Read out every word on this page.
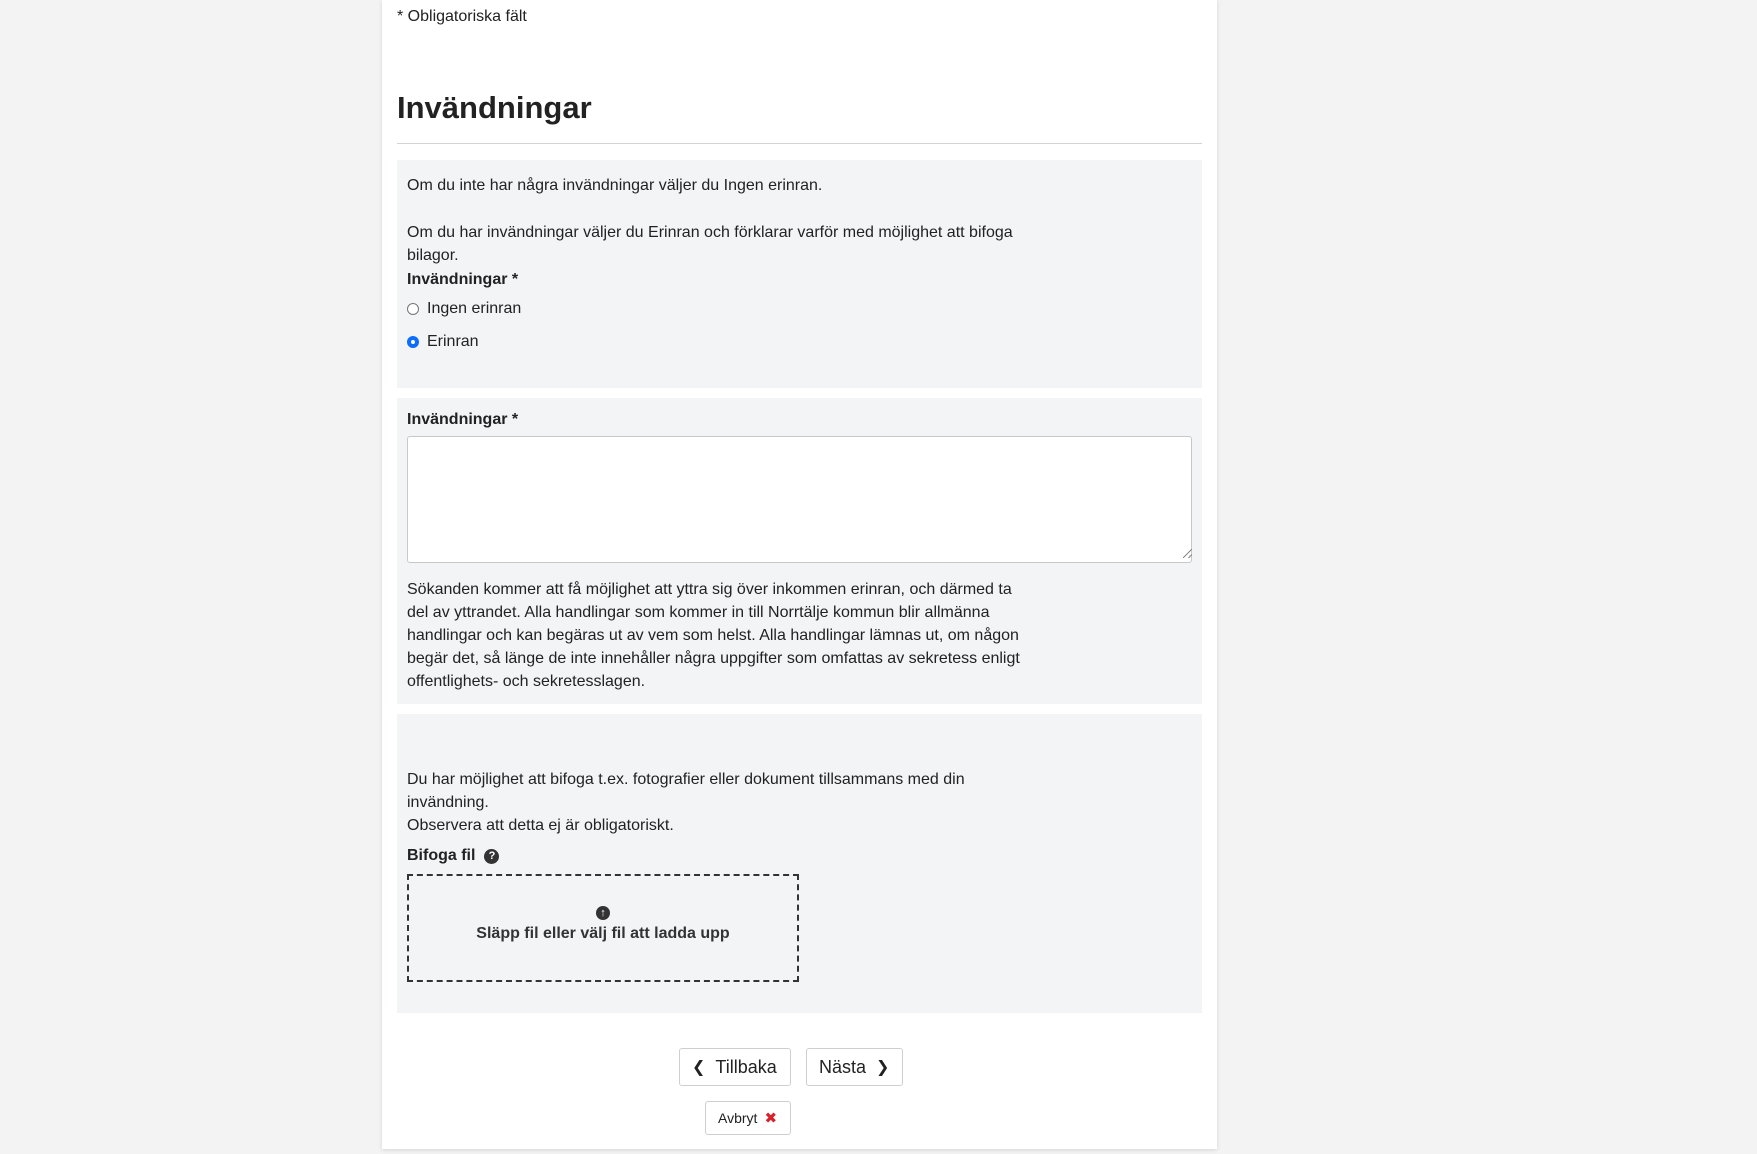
* Obligatoriska fält

Invändningar

Om du inte har några invändningar väljer du Ingen erinran.

Om du har invändningar väljer du Erinran och förklarar varför med möjlighet att bifoga bilagor.

Invändningar *

Ingen erinran
Erinran

Invändningar *

Sökanden kommer att få möjlighet att yttra sig över inkommen erinran, och därmed ta del av yttrandet. Alla handlingar som kommer in till Norrtälje kommun blir allmänna handlingar och kan begäras ut av vem som helst. Alla handlingar lämnas ut, om någon begär det, så länge de inte innehåller några uppgifter som omfattas av sekretess enligt offentlighets- och sekretesslagen.

Du har möjlighet att bifoga t.ex. fotografier eller dokument tillsammans med din invändning.

Observera att detta ej är obligatoriskt.

Bifoga fil ?

↑
Släpp fil eller välj fil att ladda upp
❮ Tillbaka Nästa ❯
Avbryt ✖
